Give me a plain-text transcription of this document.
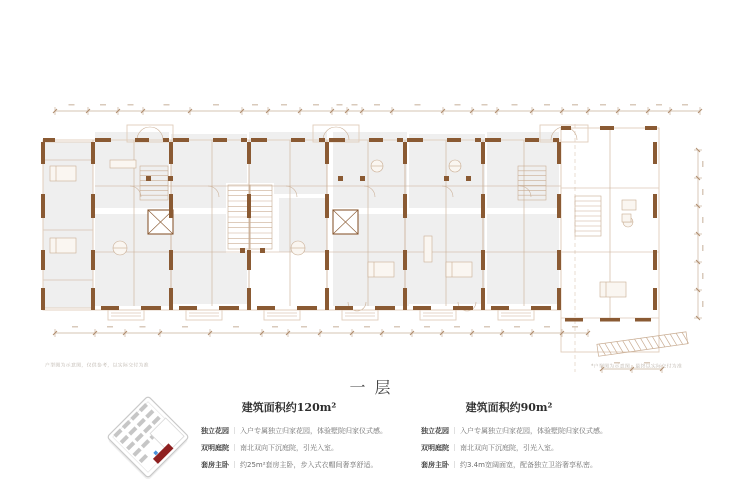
一层
户型图为示意图，仅供参考，以实际交付为准	*户型图为示意图，最终以实际交付为准

建筑面积约120m²

独立花园 ｜ 入户专属独立归家花园，体验墅院归家仪式感。

双明庭院 ｜ 南北双向下沉庭院，引光入室。

套房主卧 ｜ 约25m²套房主卧，步入式衣帽间奢享舒适。

建筑面积约90m²

独立花园 ｜ 入户专属独立归家花园，体验墅院归家仪式感。

双明庭院 ｜ 南北双向下沉庭院，引光入室。

套房主卧 ｜ 约3.4m宽阔面宽，配备独立卫浴奢享私密。
